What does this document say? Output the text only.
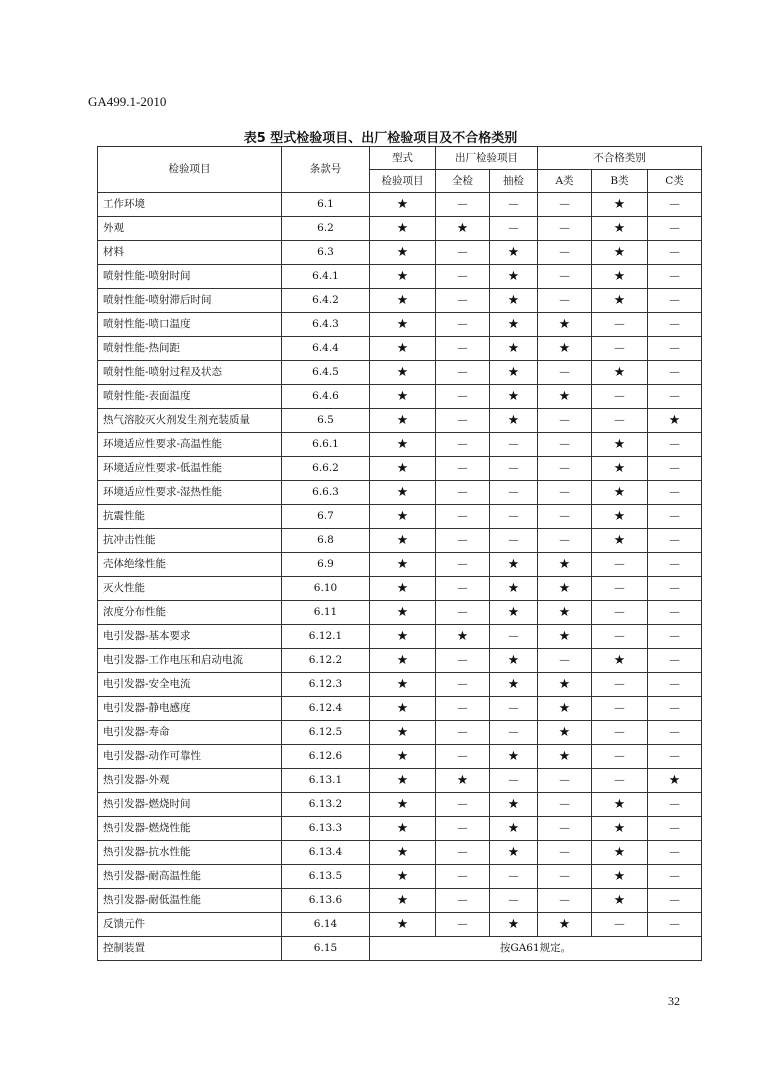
GA499.1-2010
表5 型式检验项目、出厂检验项目及不合格类别
检验项目	条款号	型式	出厂检验项目		不合格类别		
		检验项目	全检	抽检	A类	B类	C类
工作环境	6.1	★	—	—	—	★	—
外观	6.2	★	★	—	—	★	—
材料	6.3	★	—	★	—	★	—
喷射性能-喷射时间	6.4.1	★	—	★	—	★	—
喷射性能-喷射滞后时间	6.4.2	★	—	★	—	★	—
喷射性能-喷口温度	6.4.3	★	—	★	★	—	—
喷射性能-热间距	6.4.4	★	—	★	★	—	—
喷射性能-喷射过程及状态	6.4.5	★	—	★	—	★	—
喷射性能-表面温度	6.4.6	★	—	★	★	—	—
热气溶胶灭火剂发生剂充装质量	6.5	★	—	★	—	—	★
环境适应性要求-高温性能	6.6.1	★	—	—	—	★	—
环境适应性要求-低温性能	6.6.2	★	—	—	—	★	—
环境适应性要求-湿热性能	6.6.3	★	—	—	—	★	—
抗震性能	6.7	★	—	—	—	★	—
抗冲击性能	6.8	★	—	—	—	★	—
壳体绝缘性能	6.9	★	—	★	★	—	—
灭火性能	6.10	★	—	★	★	—	—
浓度分布性能	6.11	★	—	★	★	—	—
电引发器-基本要求	6.12.1	★	★	—	★	—	—
电引发器-工作电压和启动电流	6.12.2	★	—	★	—	★	—
电引发器-安全电流	6.12.3	★	—	★	★	—	—
电引发器-静电感度	6.12.4	★	—	—	★	—	—
电引发器-寿命	6.12.5	★	—	—	★	—	—
电引发器-动作可靠性	6.12.6	★	—	★	★	—	—
热引发器-外观	6.13.1	★	★	—	—	—	★
热引发器-燃烧时间	6.13.2	★	—	★	—	★	—
热引发器-燃烧性能	6.13.3	★	—	★	—	★	—
热引发器-抗水性能	6.13.4	★	—	★	—	★	—
热引发器-耐高温性能	6.13.5	★	—	—	—	★	—
热引发器-耐低温性能	6.13.6	★	—	—	—	★	—
反馈元件	6.14	★	—	★	★	—	—
控制装置	6.15	按GA61规定。					
32
